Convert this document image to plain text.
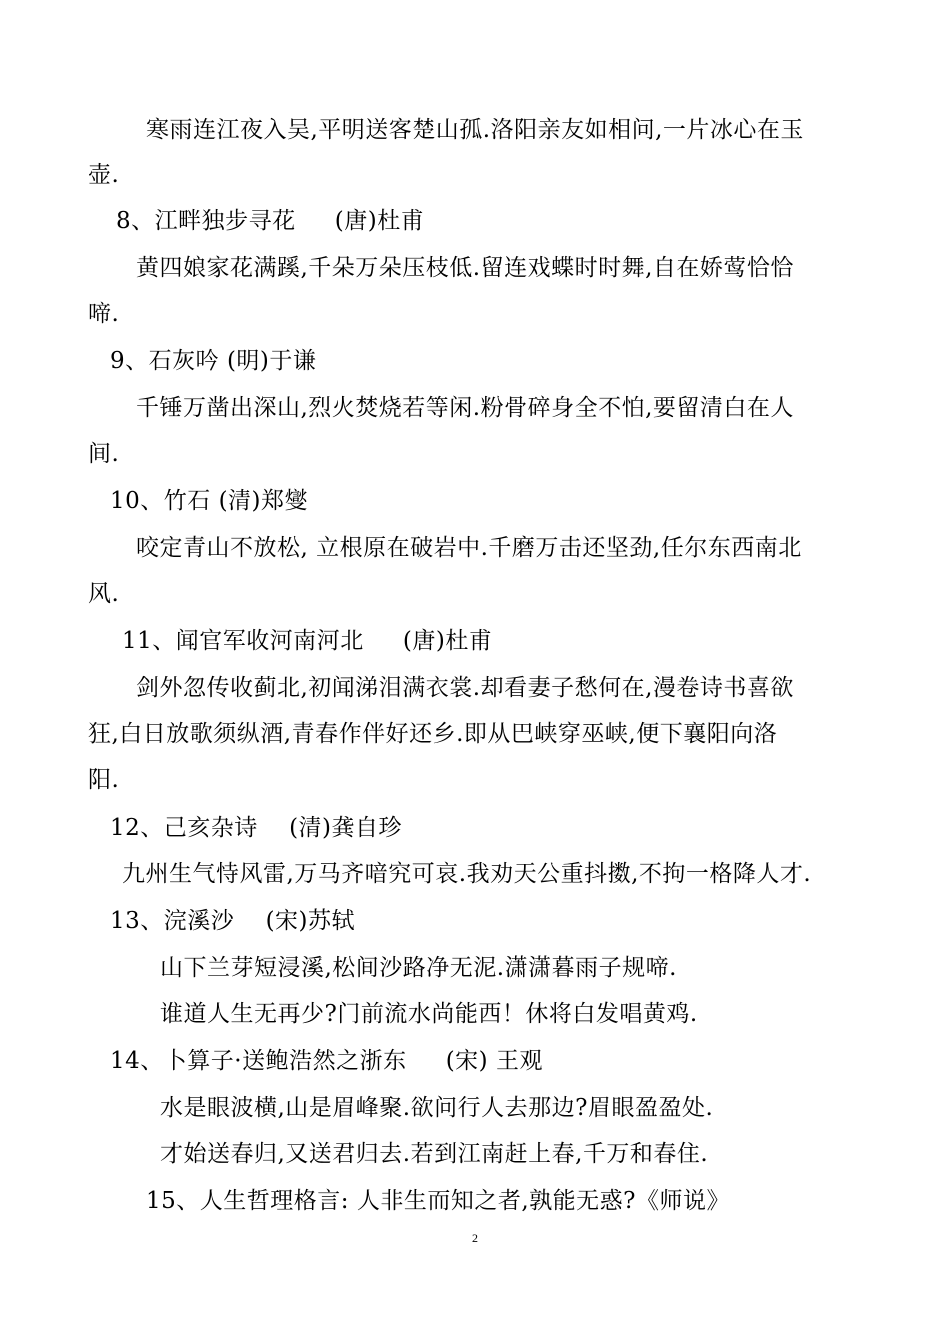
寒雨连江夜入吴,平明送客楚山孤.洛阳亲友如相问,一片冰心在玉
壶.
8、江畔独步寻花 　 (唐)杜甫
黄四娘家花满蹊,千朵万朵压枝低.留连戏蝶时时舞,自在娇莺恰恰
啼.
9、石灰吟 (明)于谦
千锤万凿出深山,烈火焚烧若等闲.粉骨碎身全不怕,要留清白在人
间.
10、竹石 (清)郑燮
咬定青山不放松, 立根原在破岩中.千磨万击还坚劲,任尔东西南北
风.
11、闻官军收河南河北 　 (唐)杜甫
剑外忽传收蓟北,初闻涕泪满衣裳.却看妻子愁何在,漫卷诗书喜欲
狂,白日放歌须纵酒,青春作伴好还乡.即从巴峡穿巫峡,便下襄阳向洛
阳.
12、己亥杂诗 　(清)龚自珍
九州生气恃风雷,万马齐喑究可哀.我劝天公重抖擞,不拘一格降人才.
13、浣溪沙 　(宋)苏轼
山下兰芽短浸溪,松间沙路净无泥.潇潇暮雨子规啼.
谁道人生无再少?门前流水尚能西！休将白发唱黄鸡.
14、卜算子·送鲍浩然之浙东 　 (宋) 王观
水是眼波横,山是眉峰聚.欲问行人去那边?眉眼盈盈处.
才始送春归,又送君归去.若到江南赶上春,千万和春住.
15、人生哲理格言: 人非生而知之者,孰能无惑?《师说》
2
